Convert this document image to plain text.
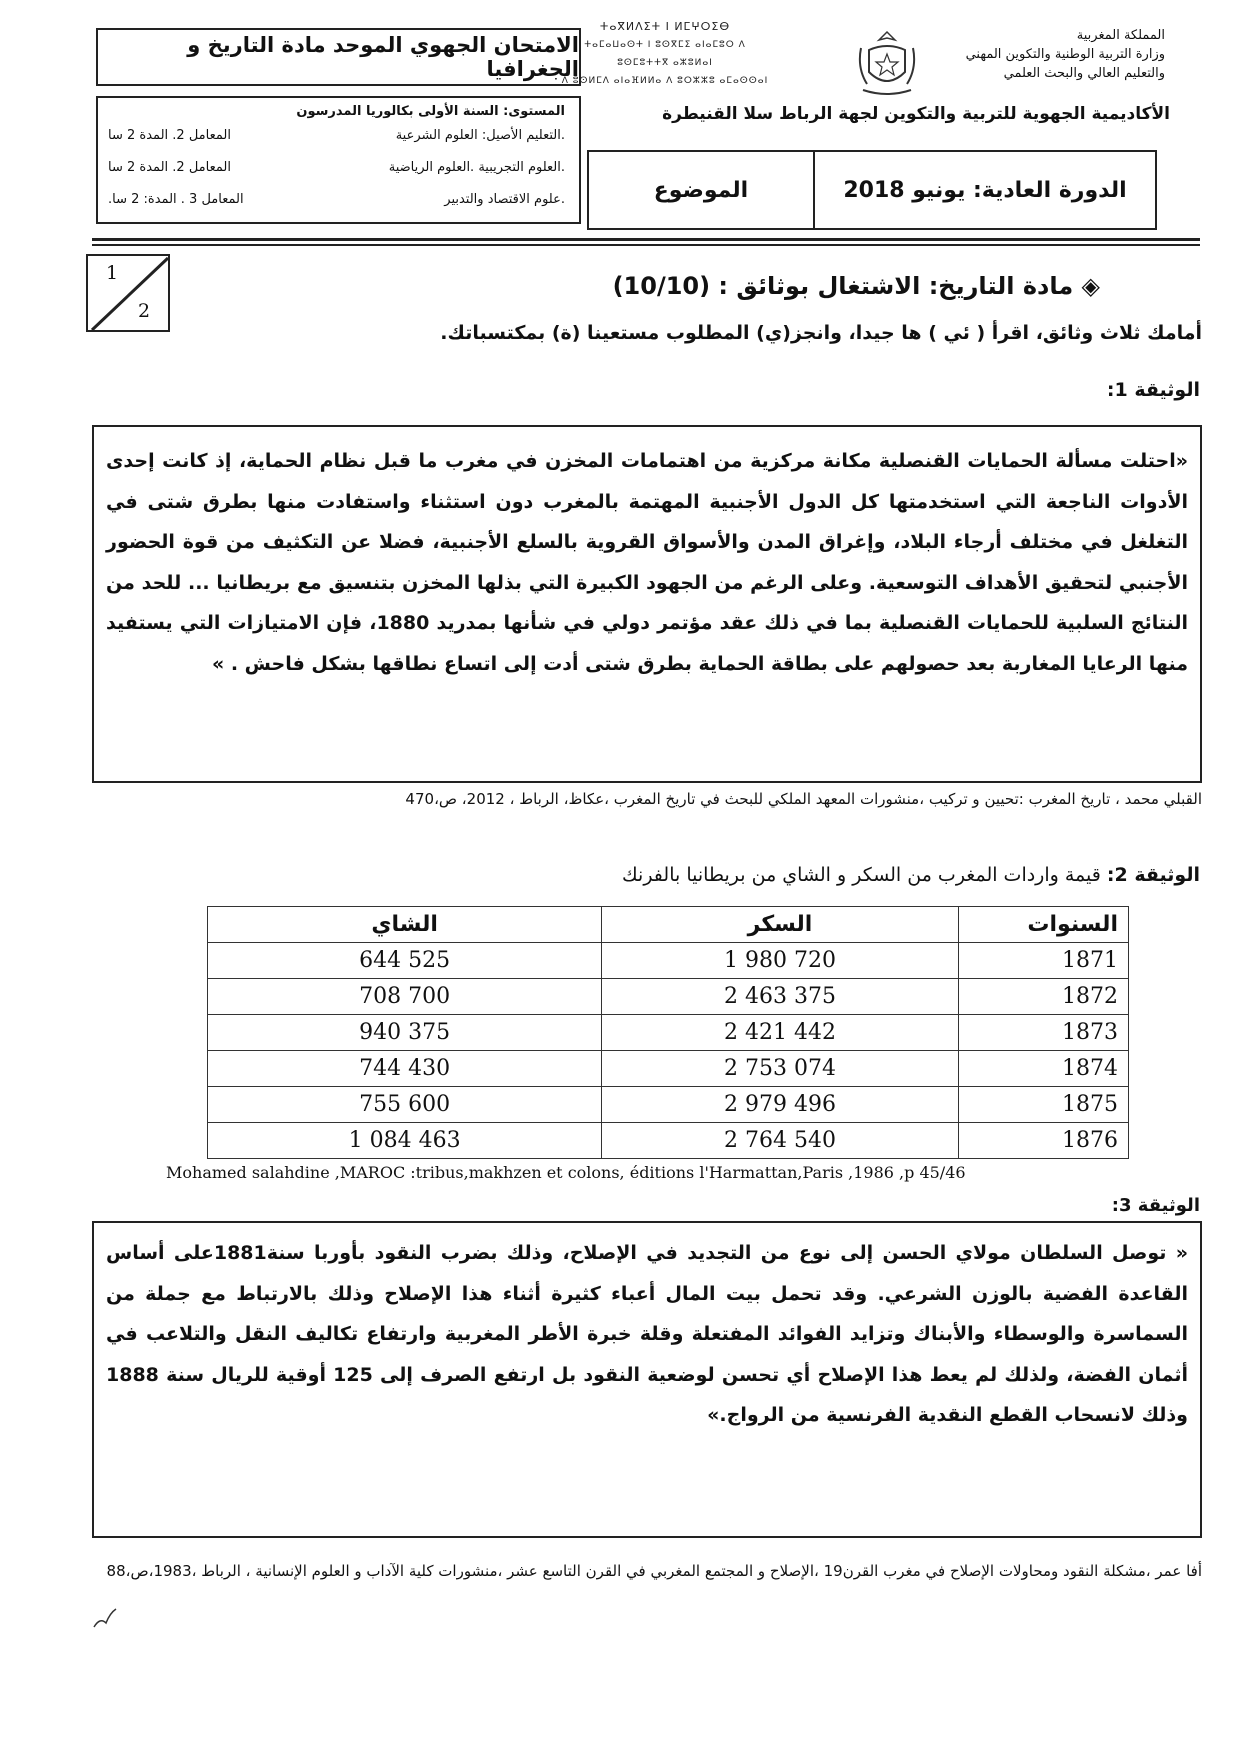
الامتحان الجهوي الموحد مادة التاريخ و الجغرافيا
المستوى: السنة الأولى بكالوريا المدرسون
.التعليم الأصيل: العلوم الشرعية
المعامل 2. المدة 2 سا
.العلوم التجريبية .العلوم الرياضية
المعامل 2. المدة 2 سا
.علوم الاقتصاد والتدبير
المعامل 3 . المدة: 2 سا.
ⵜⴰⴳⵍⴷⵉⵜ ⵏ ⵍⵎⵖⵔⵉⴱ
ⵜⴰⵎⴰⵡⴰⵙⵜ ⵏ ⵓⵙⴳⵎⵉ ⴰⵏⴰⵎⵓⵔ ⴷ ⵓⵙⵎⵓⵜⵜⴳ ⴰⵣⵓⵍⴰⵏ
ⴷ ⵓⵙⵍⵎⴷ ⴰⵏⴰⴼⵍⵍⴰ ⴷ ⵓⵔⵣⵣⵓ ⴰⵎⴰⵙⵙⴰⵏ
المملكة المغربية
وزارة التربية الوطنية والتكوين المهني
والتعليم العالي والبحث العلمي
الأكاديمية الجهوية للتربية والتكوين لجهة الرباط سلا القنيطرة
الدورة العادية: يونيو 2018
الموضوع
1
2
◈ مادة التاريخ: الاشتغال بوثائق : (10/10)
أمامك ثلاث وثائق، اقرأ ( ئي ) ها جيدا، وانجز(ي) المطلوب مستعينا (ة) بمكتسباتك.
الوثيقة 1:
«احتلت مسألة الحمايات القنصلية مكانة مركزية من اهتمامات المخزن في مغرب ما قبل نظام الحماية، إذ كانت إحدى الأدوات الناجعة التي استخدمتها كل الدول الأجنبية المهتمة بالمغرب دون استثناء واستفادت منها بطرق شتى في التغلغل في مختلف أرجاء البلاد، وإغراق المدن والأسواق القروية بالسلع الأجنبية، فضلا عن التكثيف من قوة الحضور الأجنبي لتحقيق الأهداف التوسعية. وعلى الرغم من الجهود الكبيرة التي بذلها المخزن بتنسيق مع بريطانيا ... للحد من النتائج السلبية للحمايات القنصلية بما في ذلك عقد مؤتمر دولي في شأنها بمدريد 1880، فإن الامتيازات التي يستفيد منها الرعايا المغاربة بعد حصولهم على بطاقة الحماية بطرق شتى أدت إلى اتساع نطاقها بشكل فاحش . »
القبلي محمد ، تاريخ المغرب :تحيين و تركيب ،منشورات المعهد الملكي للبحث في تاريخ المغرب ،عكاظ، الرباط ، 2012، ص،470
الوثيقة 2: قيمة واردات المغرب من السكر و الشاي من بريطانيا بالفرنك
الشاي	السكر	السنوات
644 525	1 980 720	1871
708 700	2 463 375	1872
940 375	2 421 442	1873
744 430	2 753 074	1874
755 600	2 979 496	1875
1 084 463	2 764 540	1876
Mohamed salahdine ,MAROC :tribus,makhzen et colons, éditions l'Harmattan,Paris ,1986 ,p 45/46
الوثيقة 3:
« توصل السلطان مولاي الحسن إلى نوع من التجديد في الإصلاح، وذلك بضرب النقود بأوربا سنة1881على أساس القاعدة الفضية بالوزن الشرعي. وقد تحمل بيت المال أعباء كثيرة أثناء هذا الإصلاح وذلك بالارتباط مع جملة من السماسرة والوسطاء والأبناك وتزايد الفوائد المفتعلة وقلة خبرة الأطر المغربية وارتفاع تكاليف النقل والتلاعب في أثمان الفضة، ولذلك لم يعط هذا الإصلاح أي تحسن لوضعية النقود بل ارتفع الصرف إلى 125 أوقية للريال سنة 1888 وذلك لانسحاب القطع النقدية الفرنسية من الرواج.»
أفا عمر ،مشكلة النقود ومحاولات الإصلاح في مغرب القرن19 ،الإصلاح و المجتمع المغربي في القرن التاسع عشر ،منشورات كلية الآداب و العلوم الإنسانية ، الرباط ،1983،ص،88
